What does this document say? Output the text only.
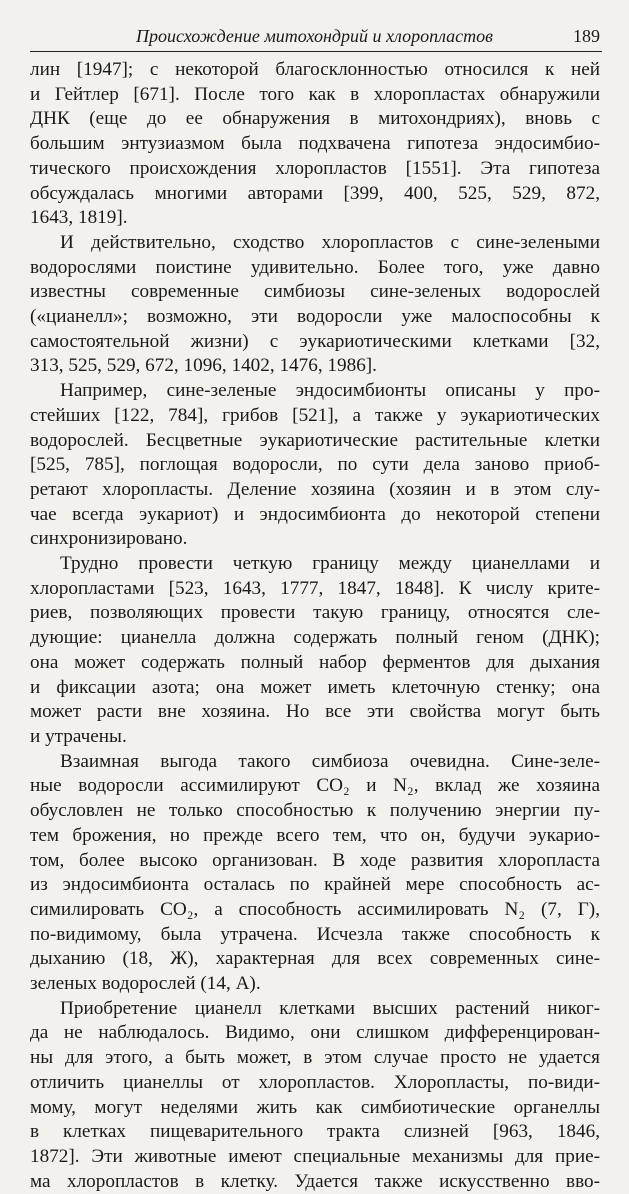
Происхождение митохондрий и хлоропластов	189
лин [1947]; с некоторой благосклонностью относился к ней
и Гейтлер [671]. После того как в хлоропластах обнаружили
ДНК (еще до ее обнаружения в митохондриях), вновь с
большим энтузиазмом была подхвачена гипотеза эндосимбио-
тического происхождения хлоропластов [1551]. Эта гипотеза
обсуждалась многими авторами [399, 400, 525, 529, 872,
1643, 1819].
И действительно, сходство хлоропластов с сине-зелеными
водорослями поистине удивительно. Более того, уже давно
известны современные симбиозы сине-зеленых водорослей
(«цианелл»; возможно, эти водоросли уже малоспособны к
самостоятельной жизни) с эукариотическими клетками [32,
313, 525, 529, 672, 1096, 1402, 1476, 1986].
Например, сине-зеленые эндосимбионты описаны у про-
стейших [122, 784], грибов [521], а также у эукариотических
водорослей. Бесцветные эукариотические растительные клетки
[525, 785], поглощая водоросли, по сути дела заново приоб-
ретают хлоропласты. Деление хозяина (хозяин и в этом слу-
чае всегда эукариот) и эндосимбионта до некоторой степени
синхронизировано.
Трудно провести четкую границу между цианеллами и
хлоропластами [523, 1643, 1777, 1847, 1848]. К числу крите-
риев, позволяющих провести такую границу, относятся сле-
дующие: цианелла должна содержать полный геном (ДНК);
она может содержать полный набор ферментов для дыхания
и фиксации азота; она может иметь клеточную стенку; она
может расти вне хозяина. Но все эти свойства могут быть
и утрачены.
Взаимная выгода такого симбиоза очевидна. Сине-зеле-
ные водоросли ассимилируют CO₂ и N₂, вклад же хозяина
обусловлен не только способностью к получению энергии пу-
тем брожения, но прежде всего тем, что он, будучи эукарио-
том, более высоко организован. В ходе развития хлоропласта
из эндосимбионта осталась по крайней мере способность ас-
симилировать CO₂, а способность ассимилировать N₂ (7, Г),
по-видимому, была утрачена. Исчезла также способность к
дыханию (18, Ж), характерная для всех современных сине-
зеленых водорослей (14, А).
Приобретение цианелл клетками высших растений никог-
да не наблюдалось. Видимо, они слишком дифференцирован-
ны для этого, а быть может, в этом случае просто не удается
отличить цианеллы от хлоропластов. Хлоропласты, по-види-
мому, могут неделями жить как симбиотические органеллы
в клетках пищеварительного тракта слизней [963, 1846,
1872]. Эти животные имеют специальные механизмы для прие-
ма хлоропластов в клетку. Удается также искусственно вво-
